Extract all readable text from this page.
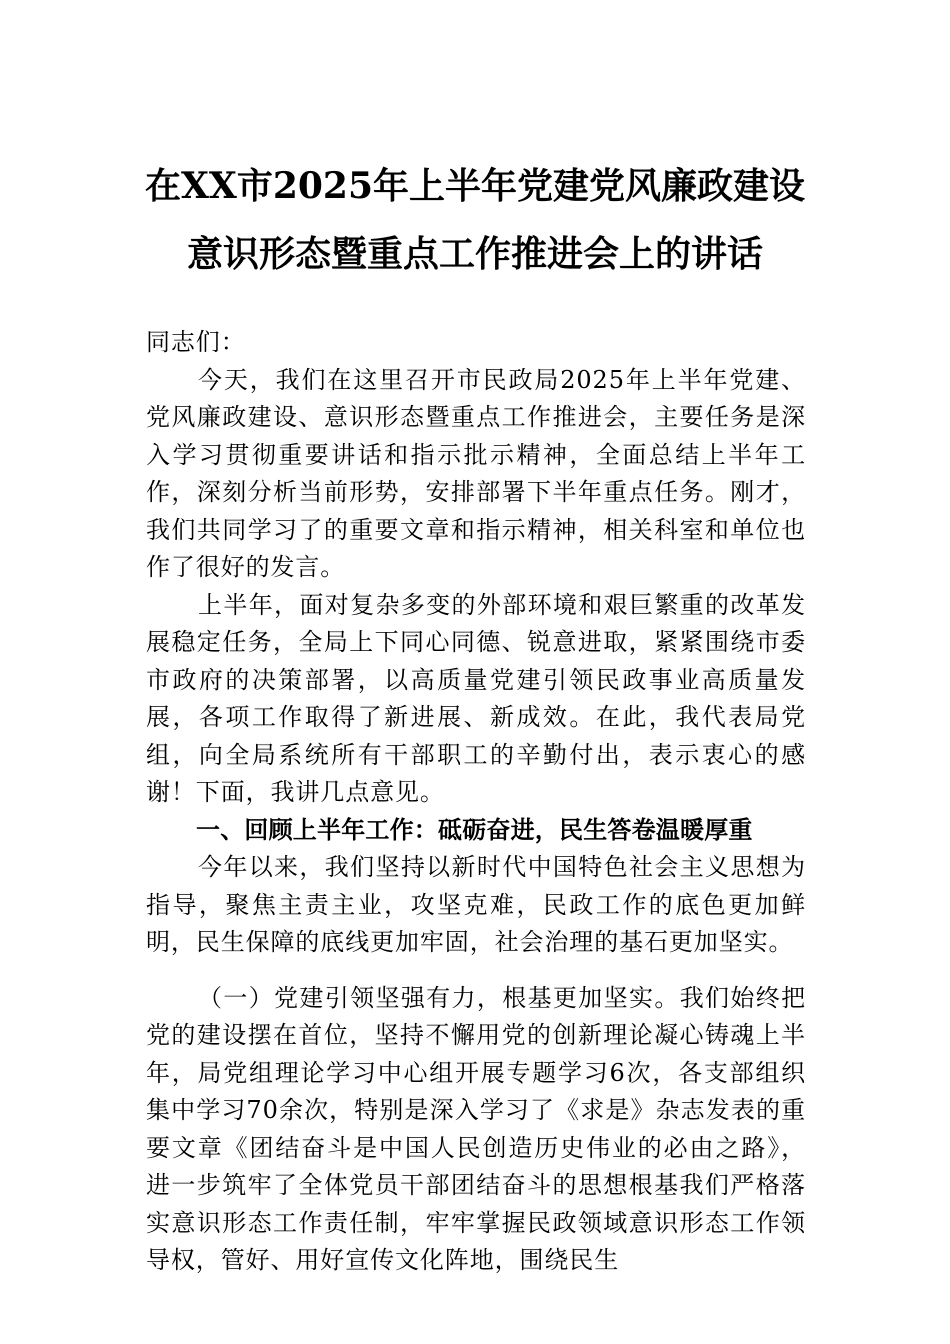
在XX市2025年上半年党建党风廉政建设
意识形态暨重点工作推进会上的讲话

同志们：

今天，我们在这里召开市民政局2025年上半年党建、党风廉政建设、意识形态暨重点工作推进会，主要任务是深入学习贯彻重要讲话和指示批示精神，全面总结上半年工作，深刻分析当前形势，安排部署下半年重点任务。刚才，我们共同学习了的重要文章和指示精神，相关科室和单位也作了很好的发言。

上半年，面对复杂多变的外部环境和艰巨繁重的改革发展稳定任务，全局上下同心同德、锐意进取，紧紧围绕市委市政府的决策部署，以高质量党建引领民政事业高质量发展，各项工作取得了新进展、新成效。在此，我代表局党组，向全局系统所有干部职工的辛勤付出，表示衷心的感谢！下面，我讲几点意见。

一、回顾上半年工作：砥砺奋进，民生答卷温暖厚重

今年以来，我们坚持以新时代中国特色社会主义思想为指导，聚焦主责主业，攻坚克难，民政工作的底色更加鲜明，民生保障的底线更加牢固，社会治理的基石更加坚实。

（一）党建引领坚强有力，根基更加坚实。我们始终把党的建设摆在首位，坚持不懈用党的创新理论凝心铸魂上半年，局党组理论学习中心组开展专题学习6次，各支部组织集中学习70余次，特别是深入学习了《求是》杂志发表的重要文章《团结奋斗是中国人民创造历史伟业的必由之路》，进一步筑牢了全体党员干部团结奋斗的思想根基我们严格落实意识形态工作责任制，牢牢掌握民政领域意识形态工作领导权，管好、用好宣传文化阵地，围绕民生
